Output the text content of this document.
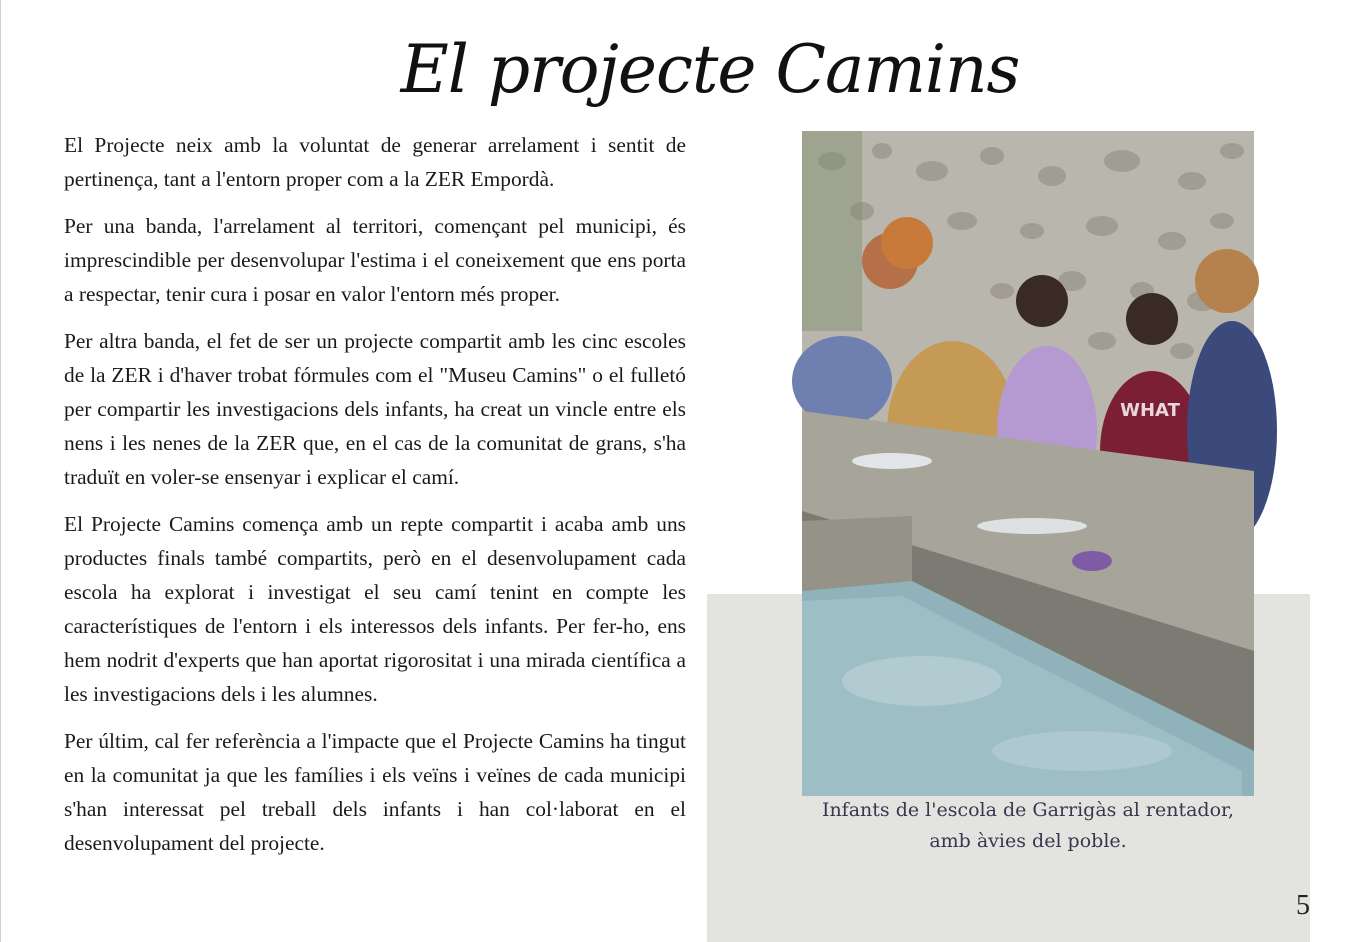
El projecte Camins

El Projecte neix amb la voluntat de generar arrelament i sentit de pertinença, tant a l'entorn proper com a la ZER Empordà.

Per una banda, l'arrelament al territori, començant pel municipi, és imprescindible per desenvolupar l'estima i el coneixement que ens porta a respectar, tenir cura i posar en valor l'entorn més proper.

Per altra banda, el fet de ser un projecte compartit amb les cinc escoles de la ZER i d'haver trobat fórmules com el "Museu Camins" o el fulletó per compartir les investigacions dels infants, ha creat un vincle entre els nens i les nenes de la ZER que, en el cas de la comunitat de grans, s'ha traduït en voler-se ensenyar i explicar el camí.

El Projecte Camins comença amb un repte compartit i acaba amb uns productes finals també compartits, però en el desenvolupament cada escola ha explorat i investigat el seu camí tenint en compte les característiques de l'entorn i els interessos dels infants. Per fer-ho, ens hem nodrit d'experts que han aportat rigorositat i una mirada científica a les investigacions dels i les alumnes.

Per últim, cal fer referència a l'impacte que el Projecte Camins ha tingut en la comunitat ja que les famílies i els veïns i veïnes de cada municipi s'han interessat pel treball dels infants i han col·laborat en el desenvolupament del projecte.

WHAT
Infants de l'escola de Garrigàs al rentador,
amb àvies del poble.
5
